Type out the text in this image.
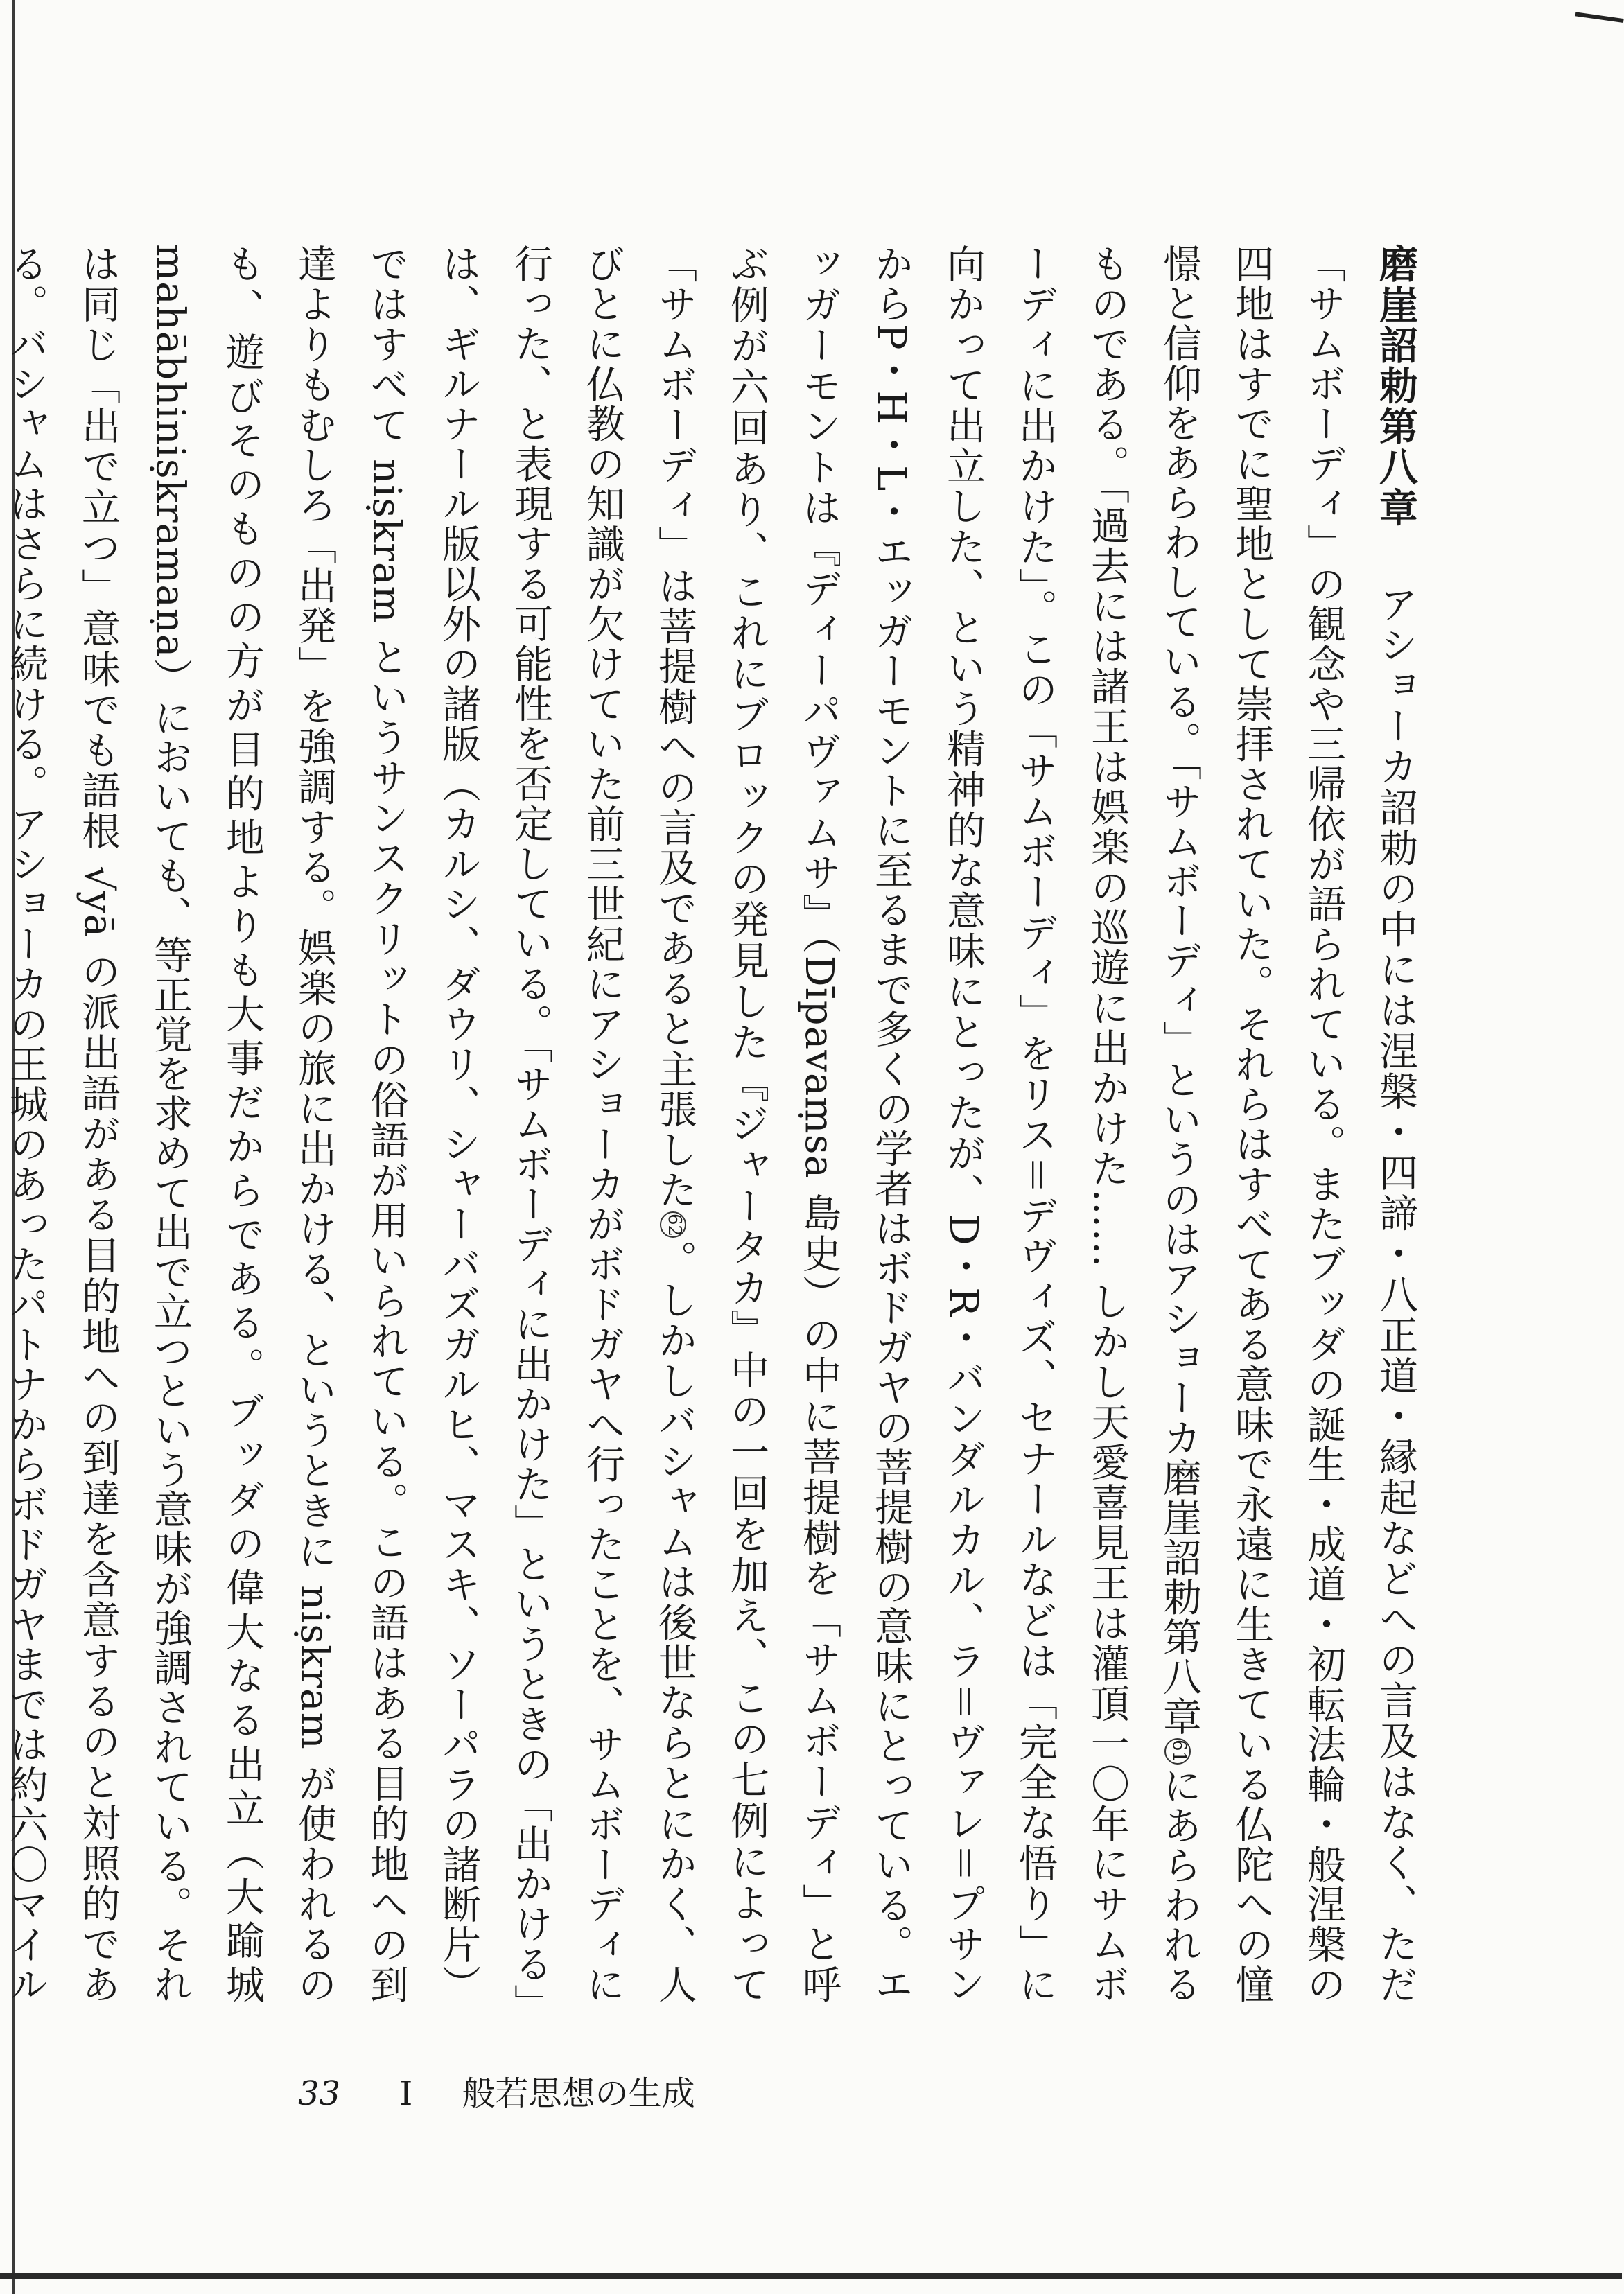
磨崖詔勅第八章　アショーカ詔勅の中には涅槃・四諦・八正道・縁起などへの言及はなく、ただ「サムボーディ」の観念や三帰依が語られている。またブッダの誕生・成道・初転法輪・般涅槃の四地はすでに聖地として崇拝されていた。それらはすべてある意味で永遠に生きている仏陀への憧憬と信仰をあらわしている。「サムボーディ」というのはアショーカ磨崖詔勅第八章61にあらわれるものである。「過去には諸王は娯楽の巡遊に出かけた…… しかし天愛喜見王は灌頂一〇年にサムボーディに出かけた」。この「サムボーディ」をリス＝デヴィズ、セナールなどは「完全な悟り」に向かって出立した、という精神的な意味にとったが、D・R・バンダルカル、ラ＝ヴァレ＝プサンからP・H・L・エッガーモントに至るまで多くの学者はボドガヤの菩提樹の意味にとっている。エッガーモントは『ディーパヴァムサ』（Dīpavaṃsa 島史）の中に菩提樹を「サムボーディ」と呼ぶ例が六回あり、これにブロックの発見した『ジャータカ』中の一回を加え、この七例によって「サムボーディ」は菩提樹への言及であると主張した62。しかしバシャムは後世ならとにかく、人びとに仏教の知識が欠けていた前三世紀にアショーカがボドガヤへ行ったことを、サムボーディに行った、と表現する可能性を否定している。「サムボーディに出かけた」というときの「出かける」は、ギルナール版以外の諸版（カルシ、ダウリ、シャーバズガルヒ、マスキ、ソーパラの諸断片）ではすべて niṣkram というサンスクリットの俗語が用いられている。この語はある目的地への到達よりもむしろ「出発」を強調する。娯楽の旅に出かける、というときに niṣkram が使われるのも、遊びそのものの方が目的地よりも大事だからである。ブッダの偉大なる出立（大踰城 mahābhiniṣkramaṇa）においても、等正覚を求めて出で立つという意味が強調されている。それは同じ「出で立つ」意味でも語根 √yā の派出語がある目的地への到達を含意するのと対照的である。バシャムはさらに続ける。アショーカの王城のあったパトナからボドガヤまでは約六〇マイル

33 I 般若思想の生成
